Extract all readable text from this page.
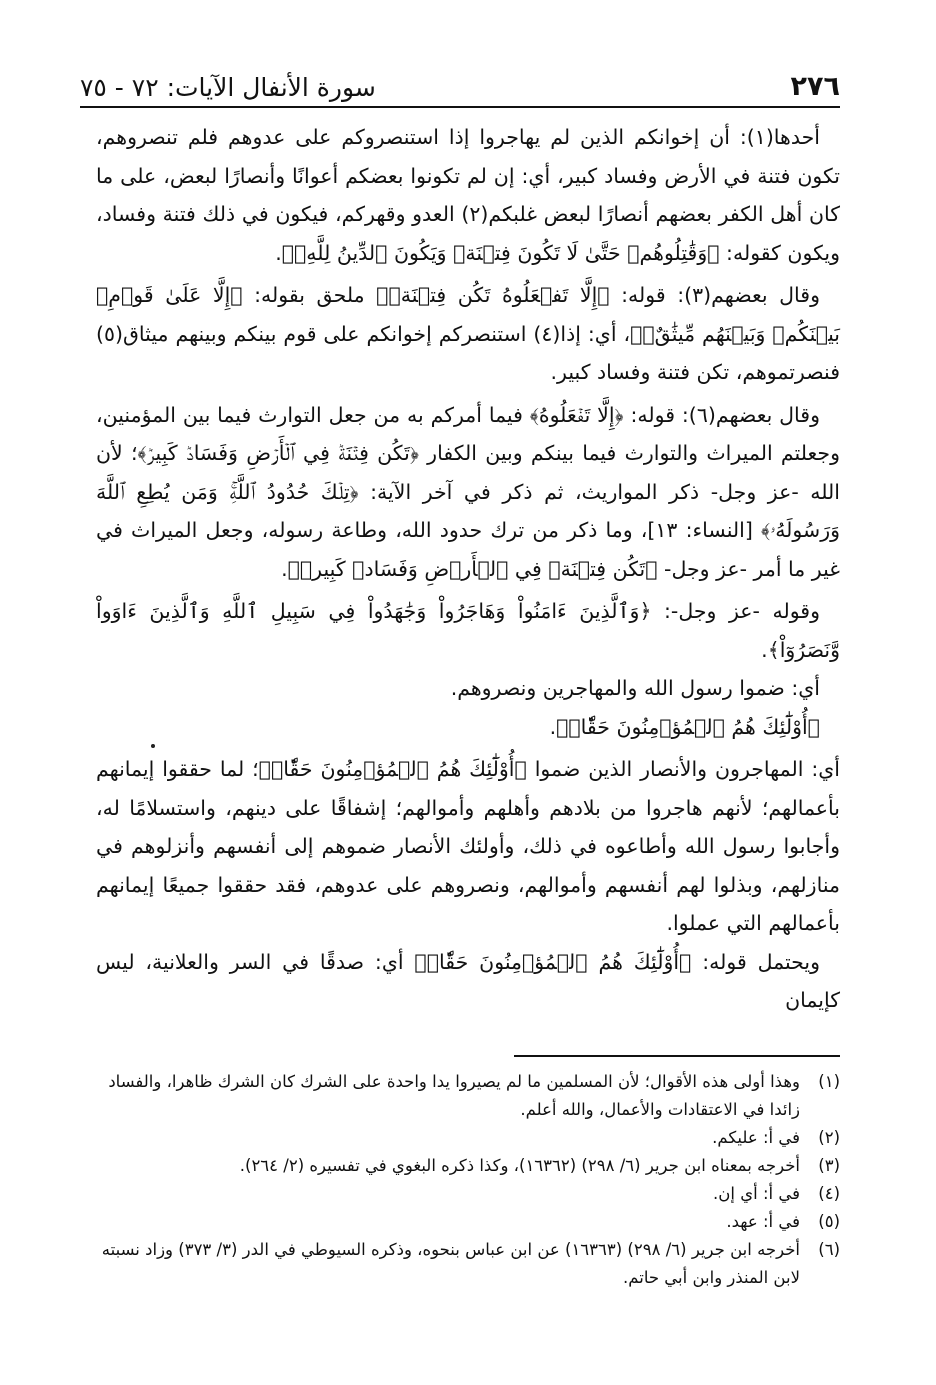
٢٧٦
سورة الأنفال الآيات: ٧٢ - ٧٥

أحدها(١): أن إخوانكم الذين لم يهاجروا إذا استنصروكم على عدوهم فلم تنصروهم، تكون فتنة في الأرض وفساد كبير، أي: إن لم تكونوا بعضكم أعوانًا وأنصارًا لبعض، على ما كان أهل الكفر بعضهم أنصارًا لبعض غلبكم(٢) العدو وقهركم، فيكون في ذلك فتنة وفساد، ويكون كقوله: ﴿وَقَٰتِلُوهُمۡ حَتَّىٰ لَا تَكُونَ فِتۡنَةٞ وَيَكُونَ ٱلدِّينُ لِلَّهِۖ﴾.

وقال بعضهم(٣): قوله: ﴿إِلَّا تَفۡعَلُوهُ تَكُن فِتۡنَةٞ﴾ ملحق بقوله: ﴿إِلَّا عَلَىٰ قَوۡمِۢ بَيۡنَكُمۡ وَبَيۡنَهُم مِّيثَٰقٌۗ﴾، أي: إذا(٤) استنصركم إخوانكم على قوم بينكم وبينهم ميثاق(٥) فنصرتموهم، تكن فتنة وفساد كبير.

وقال بعضهم(٦): قوله: ﴿إِلَّا تَفۡعَلُوهُ﴾ فيما أمركم به من جعل التوارث فيما بين المؤمنين، وجعلتم الميراث والتوارث فيما بينكم وبين الكفار ﴿تَكُن فِتۡنَةٞ فِي ٱلۡأَرۡضِ وَفَسَادٞ كَبِيرٞ﴾؛ لأن الله -عز وجل- ذكر المواريث، ثم ذكر في آخر الآية: ﴿تِلۡكَ حُدُودُ ٱللَّهِۚ وَمَن يُطِعِ ٱللَّهَ وَرَسُولَهُۥ﴾ [النساء: ١٣]، وما ذكر من ترك حدود الله، وطاعة رسوله، وجعل الميراث في غير ما أمر -عز وجل- ﴿تَكُن فِتۡنَةٞ فِي ٱلۡأَرۡضِ وَفَسَادٞ كَبِيرٞ﴾.

وقوله -عز وجل-: ﴿وَٱلَّذِينَ ءَامَنُواْ وَهَاجَرُواْ وَجَٰهَدُواْ فِي سَبِيلِ ٱللَّهِ وَٱلَّذِينَ ءَاوَواْ وَّنَصَرُوٓاْ﴾.

أي: ضموا رسول الله والمهاجرين ونصروهم.

﴿أُوْلَٰٓئِكَ هُمُ ٱلۡمُؤۡمِنُونَ حَقّٗاۚ﴾.

أي: المهاجرون والأنصار الذين ضموا ﴿أُوْلَٰٓئِكَ هُمُ ٱلۡمُؤۡمِنُونَ حَقّٗاۚ﴾؛ لما حققوا إيمانهم بأعمالهم؛ لأنهم هاجروا من بلادهم وأهلهم وأموالهم؛ إشفاقًا على دينهم، واستسلامًا له، وأجابوا رسول الله وأطاعوه في ذلك، وأولئك الأنصار ضموهم إلى أنفسهم وأنزلوهم في منازلهم، وبذلوا لهم أنفسهم وأموالهم، ونصروهم على عدوهم، فقد حققوا جميعًا إيمانهم بأعمالهم التي عملوا.

ويحتمل قوله: ﴿أُوْلَٰٓئِكَ هُمُ ٱلۡمُؤۡمِنُونَ حَقّٗاۚ﴾ أي: صدقًا في السر والعلانية، ليس كإيمان

(١)
وهذا أولى هذه الأقوال؛ لأن المسلمين ما لم يصيروا يدا واحدة على الشرك كان الشرك ظاهرا، والفساد زائدا في الاعتقادات والأعمال، والله أعلم.
(٢)
في أ: عليكم.
(٣)
أخرجه بمعناه ابن جرير (٦/ ٢٩٨) (١٦٣٦٢)، وكذا ذكره البغوي في تفسيره (٢/ ٢٦٤).
(٤)
في أ: أي إن.
(٥)
في أ: عهد.
(٦)
أخرجه ابن جرير (٦/ ٢٩٨) (١٦٣٦٣) عن ابن عباس بنحوه، وذكره السيوطي في الدر (٣/ ٣٧٣) وزاد نسبته لابن المنذر وابن أبي حاتم.
